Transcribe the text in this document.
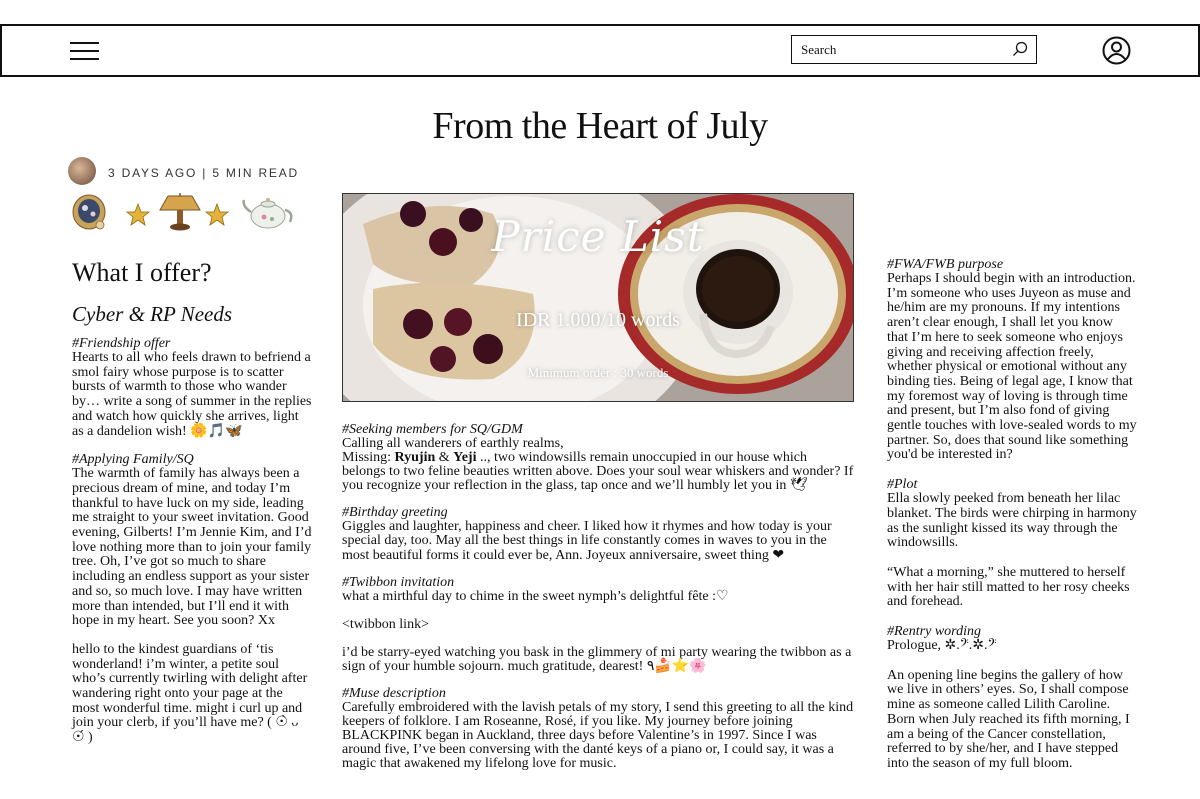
Search
From the Heart of July
3 DAYS AGO | 5 MIN READ
What I offer?
Cyber & RP Needs
#Friendship offer

Hearts to all who feels drawn to befriend a smol fairy whose purpose is to scatter bursts of warmth to those who wander by… write a song of summer in the replies and watch how quickly she arrives, light as a dandelion wish! 🌼🎵🦋

#Applying Family/SQ

The warmth of family has always been a precious dream of mine, and today I’m thankful to have luck on my side, leading me straight to your sweet invitation. Good evening, Gilberts! I’m Jennie Kim, and I’d love nothing more than to join your family tree. Oh, I’ve got so much to share including an endless support as your sister and so, so much love. I may have written more than intended, but I’ll end it with hope in my heart. See you soon? Xx

hello to the kindest guardians of ‘tis wonderland! i’m winter, a petite soul who’s currently twirling with delight after wandering right onto your page at the most wonderful time. might i curl up and join your clerb, if you’ll have me? ( ☉̀ ᴗ ☉́ )

Price List
IDR 1.000/10 words
Minimum order : 30 words
#Seeking members for SQ/GDM

Calling all wanderers of earthly realms,
Missing: Ryujin & Yeji .., two windowsills remain unoccupied in our house which belongs to two feline beauties written above. Does your soul wear whiskers and wonder? If you recognize your reflection in the glass, tap once and we’ll humbly let you in 🕊

#Birthday greeting

Giggles and laughter, happiness and cheer. I liked how it rhymes and how today is your special day, too. May all the best things in life constantly comes in waves to you in the most beautiful forms it could ever be, Ann. Joyeux anniversaire, sweet thing ❤

#Twibbon invitation

what a mirthful day to chime in the sweet nymph’s delightful fête :♡

<twibbon link>

i’d be starry-eyed watching you bask in the glimmery of mi party wearing the twibbon as a sign of your humble sojourn. much gratitude, dearest! ٩🍰⭐🌸

#Muse description

Carefully embroidered with the lavish petals of my story, I send this greeting to all the kind keepers of folklore. I am Roseanne, Rosé, if you like. My journey before joining BLACKPINK began in Auckland, three days before Valentine’s in 1997. Since I was around five, I’ve been conversing with the danté keys of a piano or, I could say, it was a magic that awakened my lifelong love for music.

#FWA/FWB purpose

Perhaps I should begin with an introduction. I’m someone who uses Juyeon as muse and he/him are my pronouns. If my intentions aren’t clear enough, I shall let you know that I’m here to seek someone who enjoys giving and receiving affection freely, whether physical or emotional without any binding ties. Being of legal age, I know that my foremost way of loving is through time and present, but I’m also fond of giving gentle touches with love-sealed words to my partner. So, does that sound like something you'd be interested in?

#Plot

Ella slowly peeked from beneath her lilac blanket. The birds were chirping in harmony as the sunlight kissed its way through the windowsills.

“What a morning,” she muttered to herself with her hair still matted to her rosy cheeks and forehead.

#Rentry wording

Prologue, ✲.𝄢.✲.𝄢

An opening line begins the gallery of how we live in others’ eyes. So, I shall compose mine as someone called Lilith Caroline. Born when July reached its fifth morning, I am a being of the Cancer constellation, referred to by she/her, and I have stepped into the season of my full bloom.
